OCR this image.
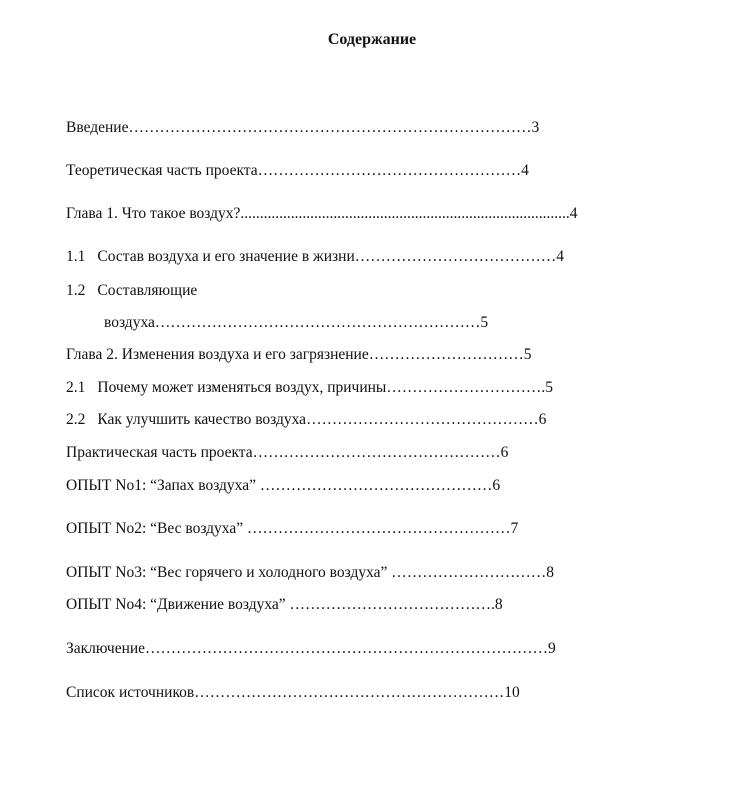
Содержание
Введение……………………………………………………………………3
Теоретическая часть проекта……………………………………………4
Глава 1. Что такое воздух?.....................................................................................4
1.1 Состав воздуха и его значение в жизни…………………………………4
1.2 Составляющие
воздуха………………………………………………………5
Глава 2. Изменения воздуха и его загрязнение…………………………5
2.1 Почему может изменяться воздух, причины………………………….5
2.2 Как улучшить качество воздуха………………………………………6
Практическая часть проекта…………………………………………6
ОПЫТ No1: “Запах воздуха” ………………………………………6
ОПЫТ No2: “Вес воздуха” ……………………………………………7
ОПЫТ No3: “Вес горячего и холодного воздуха” …………………………8
ОПЫТ No4: “Движение воздуха” ………………………………….8
Заключение……………………………………………………………………9
Список источников……………………………………………………10
